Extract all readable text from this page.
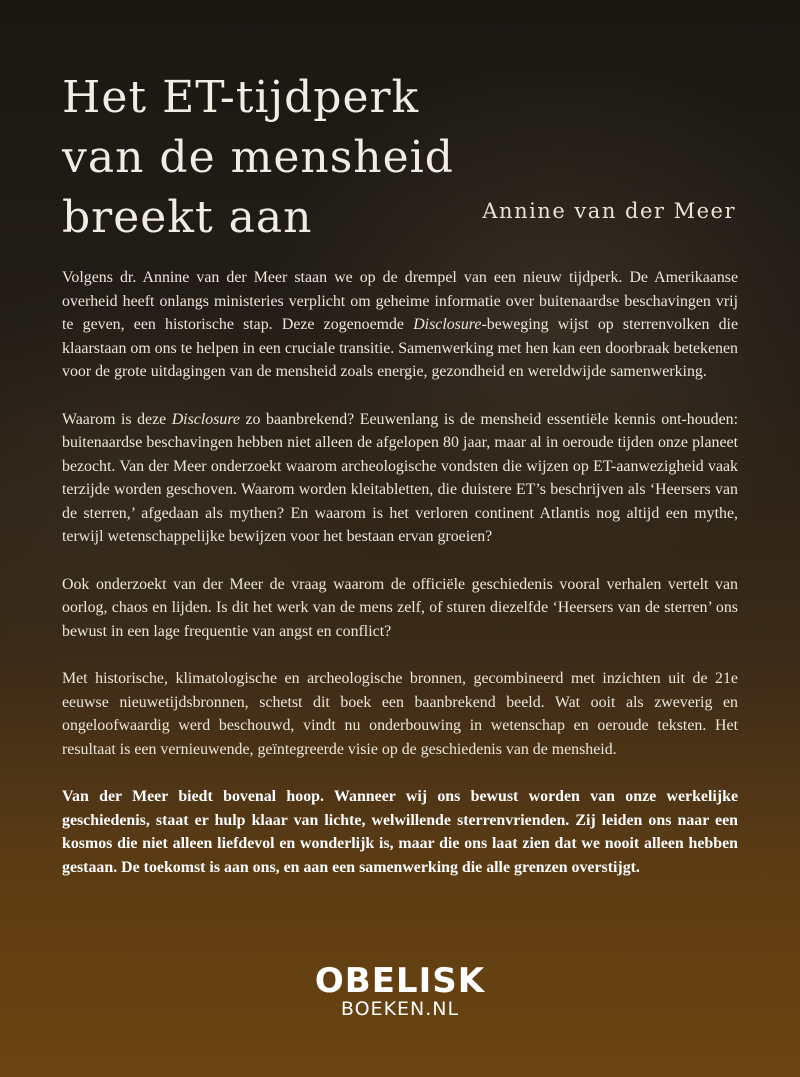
Het ET-tijdperk
van de mensheid
breekt aan	Annine van der Meer

Volgens dr. Annine van der Meer staan we op de drempel van een nieuw tijdperk. De Amerikaanse overheid heeft onlangs ministeries verplicht om geheime informatie over buitenaardse beschavingen vrij te geven, een historische stap. Deze zogenoemde Disclosure-beweging wijst op sterrenvolken die klaarstaan om ons te helpen in een cruciale transitie. Samenwerking met hen kan een doorbraak betekenen voor de grote uitdagingen van de mensheid zoals energie, gezondheid en wereldwijde samenwerking.

Waarom is deze Disclosure zo baanbrekend? Eeuwenlang is de mensheid essentiële kennis ont-houden: buitenaardse beschavingen hebben niet alleen de afgelopen 80 jaar, maar al in oeroude tijden onze planeet bezocht. Van der Meer onderzoekt waarom archeologische vondsten die wijzen op ET-aanwezigheid vaak terzijde worden geschoven. Waarom worden kleitabletten, die duistere ET’s beschrijven als ‘Heersers van de sterren,’ afgedaan als mythen? En waarom is het verloren continent Atlantis nog altijd een mythe, terwijl wetenschappelijke bewijzen voor het bestaan ervan groeien?

Ook onderzoekt van der Meer de vraag waarom de officiële geschiedenis vooral verhalen vertelt van oorlog, chaos en lijden. Is dit het werk van de mens zelf, of sturen diezelfde ‘Heersers van de sterren’ ons bewust in een lage frequentie van angst en conflict?

Met historische, klimatologische en archeologische bronnen, gecombineerd met inzichten uit de 21e eeuwse nieuwetijdsbronnen, schetst dit boek een baanbrekend beeld. Wat ooit als zweverig en ongeloofwaardig werd beschouwd, vindt nu onderbouwing in wetenschap en oeroude teksten. Het resultaat is een vernieuwende, geïntegreerde visie op de geschiedenis van de mensheid.

Van der Meer biedt bovenal hoop. Wanneer wij ons bewust worden van onze werkelijke geschiedenis, staat er hulp klaar van lichte, welwillende sterrenvrienden. Zij leiden ons naar een kosmos die niet alleen liefdevol en wonderlijk is, maar die ons laat zien dat we nooit alleen hebben gestaan. De toekomst is aan ons, en aan een samenwerking die alle grenzen overstijgt.

OBELISK
BOEKEN.NL
